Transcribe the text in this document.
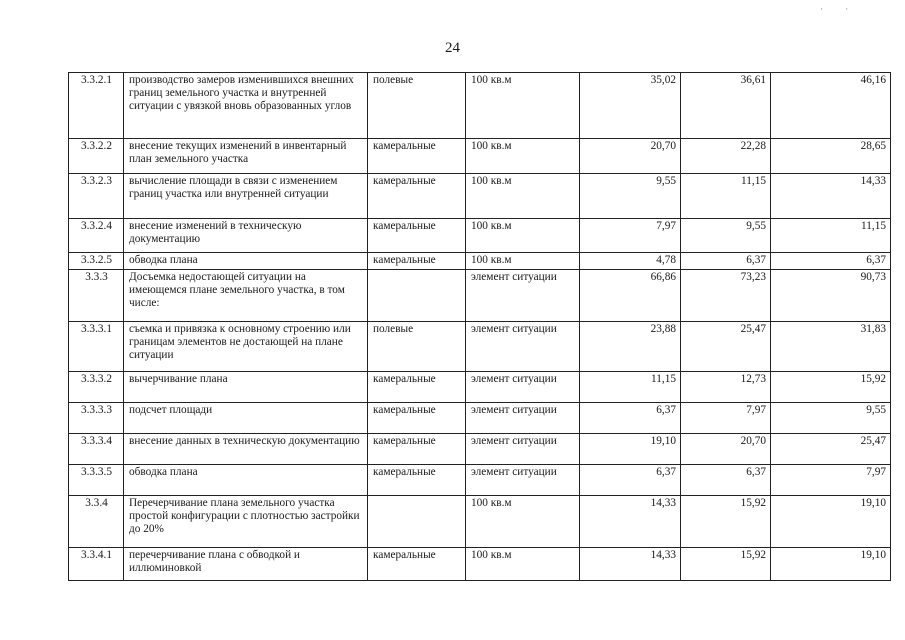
· ·
24
3.3.2.1	производство замеров изменившихся внешних границ земельного участка и внутренней ситуации с увязкой вновь образованных углов	полевые	100 кв.м	35,02	36,61	46,16
3.3.2.2	внесение текущих изменений в инвентарный план земельного участка	камеральные	100 кв.м	20,70	22,28	28,65
3.3.2.3	вычисление площади в связи с изменением границ участка или внутренней ситуации	камеральные	100 кв.м	9,55	11,15	14,33
3.3.2.4	внесение изменений в техническую документацию	камеральные	100 кв.м	7,97	9,55	11,15
3.3.2.5	обводка плана	камеральные	100 кв.м	4,78	6,37	6,37
3.3.3	Досъемка недостающей ситуации на имеющемся плане земельного участка, в том числе:		элемент ситуации	66,86	73,23	90,73
3.3.3.1	съемка и привязка к основному строению или границам элементов не достающей на плане ситуации	полевые	элемент ситуации	23,88	25,47	31,83
3.3.3.2	вычерчивание плана	камеральные	элемент ситуации	11,15	12,73	15,92
3.3.3.3	подсчет площади	камеральные	элемент ситуации	6,37	7,97	9,55
3.3.3.4	внесение данных в техническую документацию	камеральные	элемент ситуации	19,10	20,70	25,47
3.3.3.5	обводка плана	камеральные	элемент ситуации	6,37	6,37	7,97
3.3.4	Перечерчивание плана земельного участка простой конфигурации с плотностью застройки до 20%		100 кв.м	14,33	15,92	19,10
3.3.4.1	перечерчивание плана с обводкой и иллюминовкой	камеральные	100 кв.м	14,33	15,92	19,10
